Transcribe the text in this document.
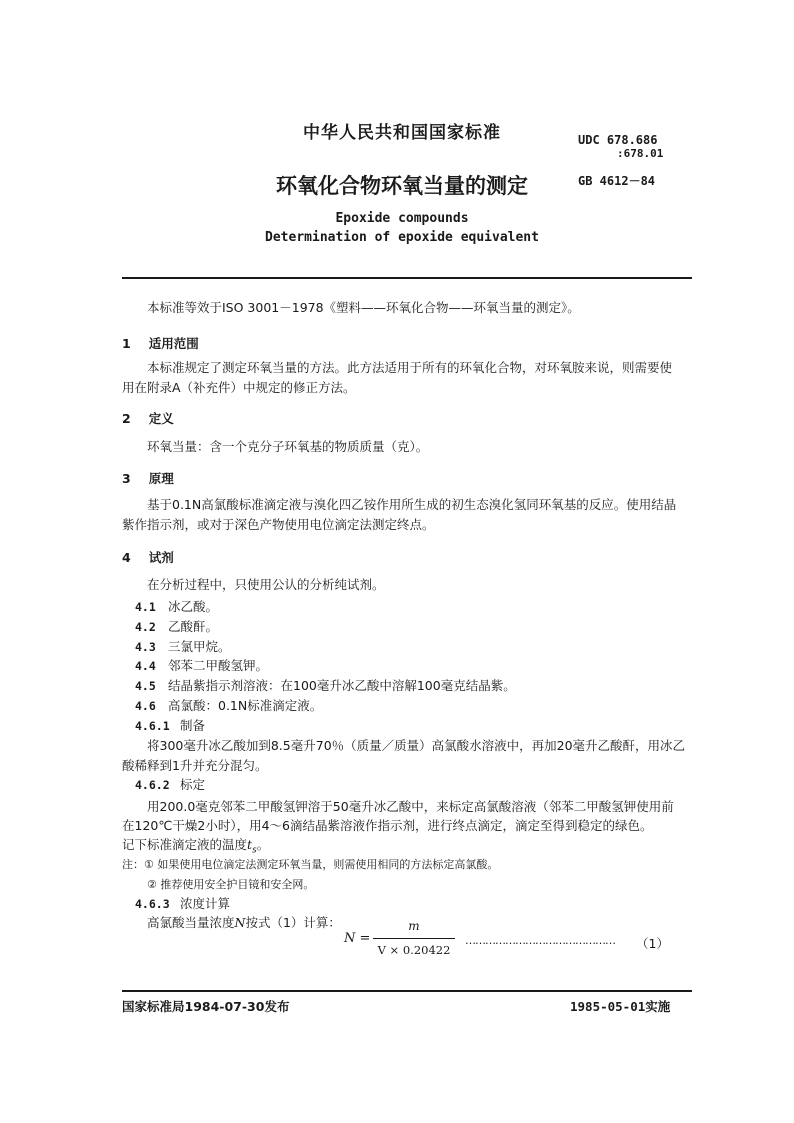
中华人民共和国国家标准	UDC 678.686
:678.01
GB 4612－84
环氧化合物环氧当量的测定
Epoxide compounds
Determination of epoxide equivalent
本标准等效于ISO 3001－1978《塑料——环氧化合物——环氧当量的测定》。
1 适用范围
本标准规定了测定环氧当量的方法。此方法适用于所有的环氧化合物，对环氧胺来说，则需要使
用在附录A（补充件）中规定的修正方法。
2 定义
环氧当量：含一个克分子环氧基的物质质量（克）。
3 原理
基于0.1N高氯酸标准滴定液与溴化四乙铵作用所生成的初生态溴化氢同环氧基的反应。使用结晶
紫作指示剂，或对于深色产物使用电位滴定法测定终点。
4 试剂
在分析过程中，只使用公认的分析纯试剂。
4.1 冰乙酸。
4.2 乙酸酐。
4.3 三氯甲烷。
4.4 邻苯二甲酸氢钾。
4.5 结晶紫指示剂溶液：在100毫升冰乙酸中溶解100毫克结晶紫。
4.6 高氯酸：0.1N标准滴定液。
4.6.1 制备
将300毫升冰乙酸加到8.5毫升70％（质量／质量）高氯酸水溶液中，再加20毫升乙酸酐，用冰乙
酸稀释到1升并充分混匀。
4.6.2 标定
用200.0毫克邻苯二甲酸氢钾溶于50毫升冰乙酸中，来标定高氯酸溶液（邻苯二甲酸氢钾使用前
在120℃干燥2小时），用4～6滴结晶紫溶液作指示剂，进行终点滴定，滴定至得到稳定的绿色。
记下标准滴定液的温度$t_s$。
注：① 如果使用电位滴定法测定环氧当量，则需使用相同的方法标定高氯酸。
② 推荐使用安全护目镜和安全网。
4.6.3 浓度计算
高氯酸当量浓度N按式（1）计算：
N =
m
V × 0.20422
……………………………………… （1）
国家标准局1984-07-30发布	1985-05-01实施
